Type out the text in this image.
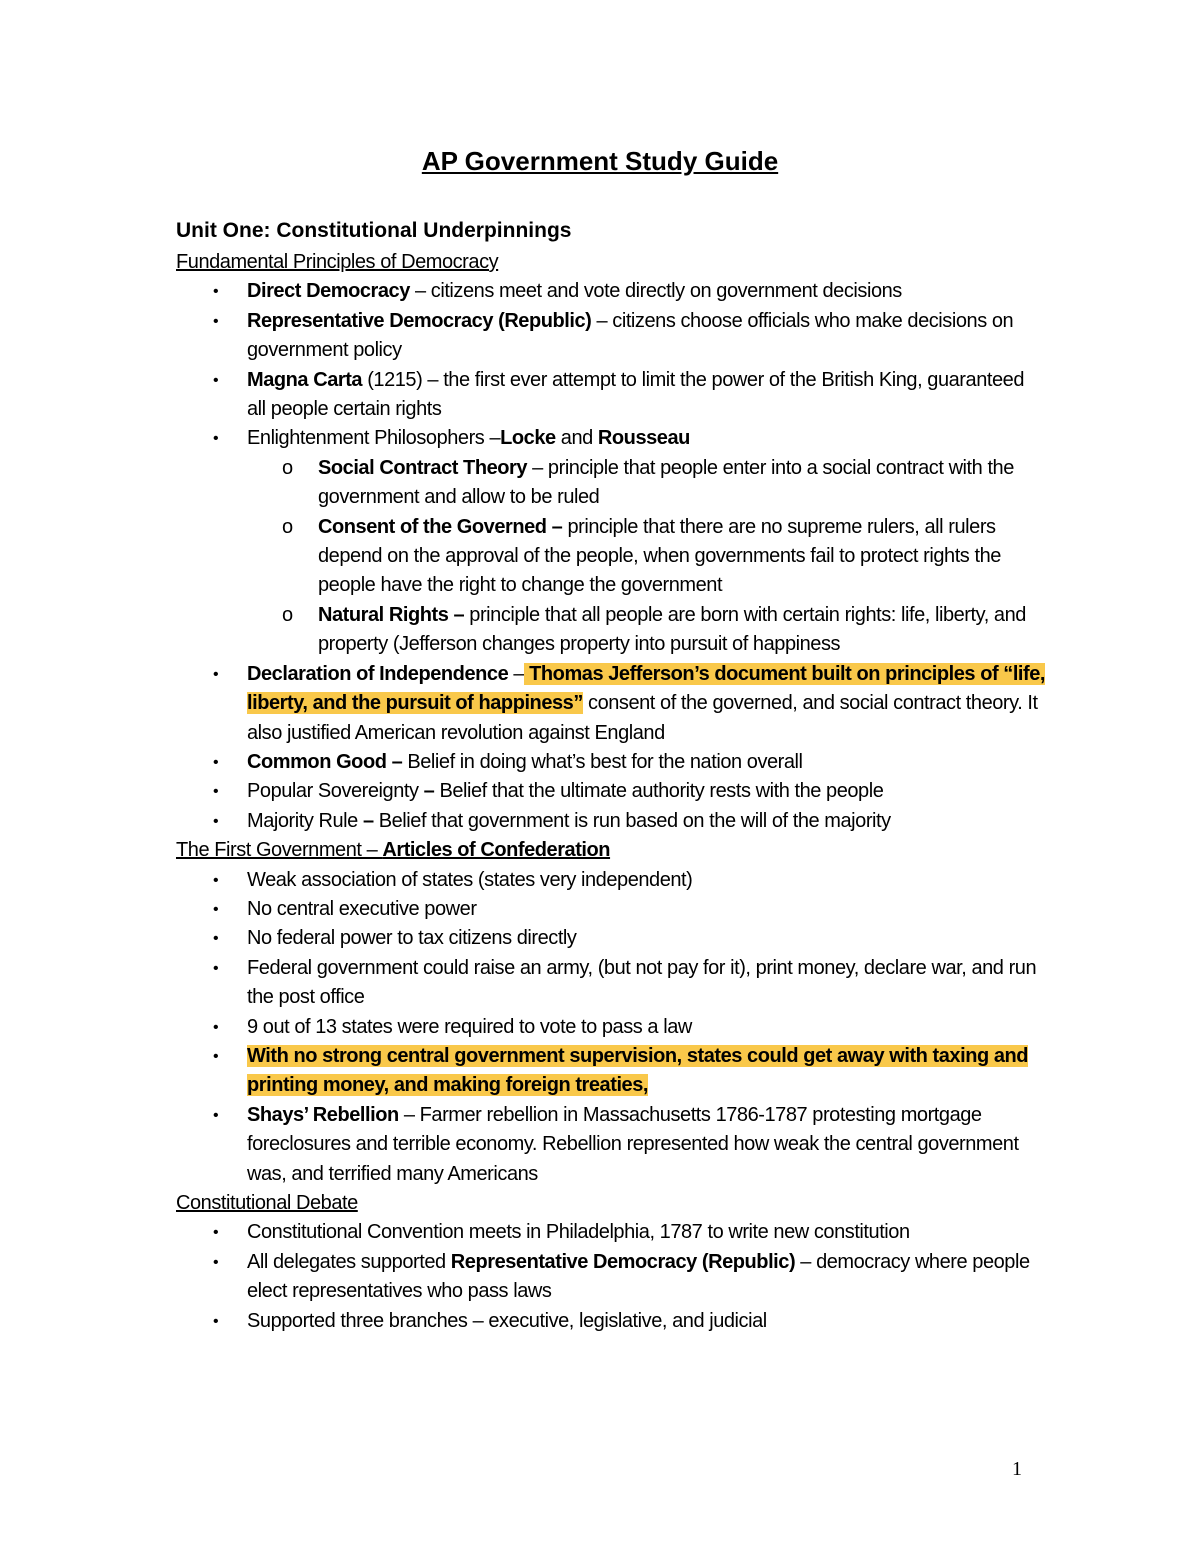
AP Government Study Guide
Unit One: Constitutional Underpinnings

Fundamental Principles of Democracy

• Direct Democracy – citizens meet and vote directly on government decisions
• Representative Democracy (Republic) – citizens choose officials who make decisions on government policy
• Magna Carta (1215) – the first ever attempt to limit the power of the British King, guaranteed all people certain rights
• Enlightenment Philosophers –Locke and Rousseau
o Social Contract Theory – principle that people enter into a social contract with the government and allow to be ruled
o Consent of the Governed – principle that there are no supreme rulers, all rulers depend on the approval of the people, when governments fail to protect rights the people have the right to change the government
o Natural Rights – principle that all people are born with certain rights: life, liberty, and property (Jefferson changes property into pursuit of happiness
• Declaration of Independence – Thomas Jefferson’s document built on principles of “life, liberty, and the pursuit of happiness” consent of the governed, and social contract theory. It also justified American revolution against England
• Common Good – Belief in doing what’s best for the nation overall
• Popular Sovereignty – Belief that the ultimate authority rests with the people
• Majority Rule – Belief that government is run based on the will of the majority

The First Government – Articles of Confederation

• Weak association of states (states very independent)
• No central executive power
• No federal power to tax citizens directly
• Federal government could raise an army, (but not pay for it), print money, declare war, and run the post office
• 9 out of 13 states were required to vote to pass a law
• With no strong central government supervision, states could get away with taxing and printing money, and making foreign treaties,
• Shays’ Rebellion – Farmer rebellion in Massachusetts 1786-1787 protesting mortgage foreclosures and terrible economy. Rebellion represented how weak the central government was, and terrified many Americans

Constitutional Debate

• Constitutional Convention meets in Philadelphia, 1787 to write new constitution
• All delegates supported Representative Democracy (Republic) – democracy where people elect representatives who pass laws
• Supported three branches – executive, legislative, and judicial
1
